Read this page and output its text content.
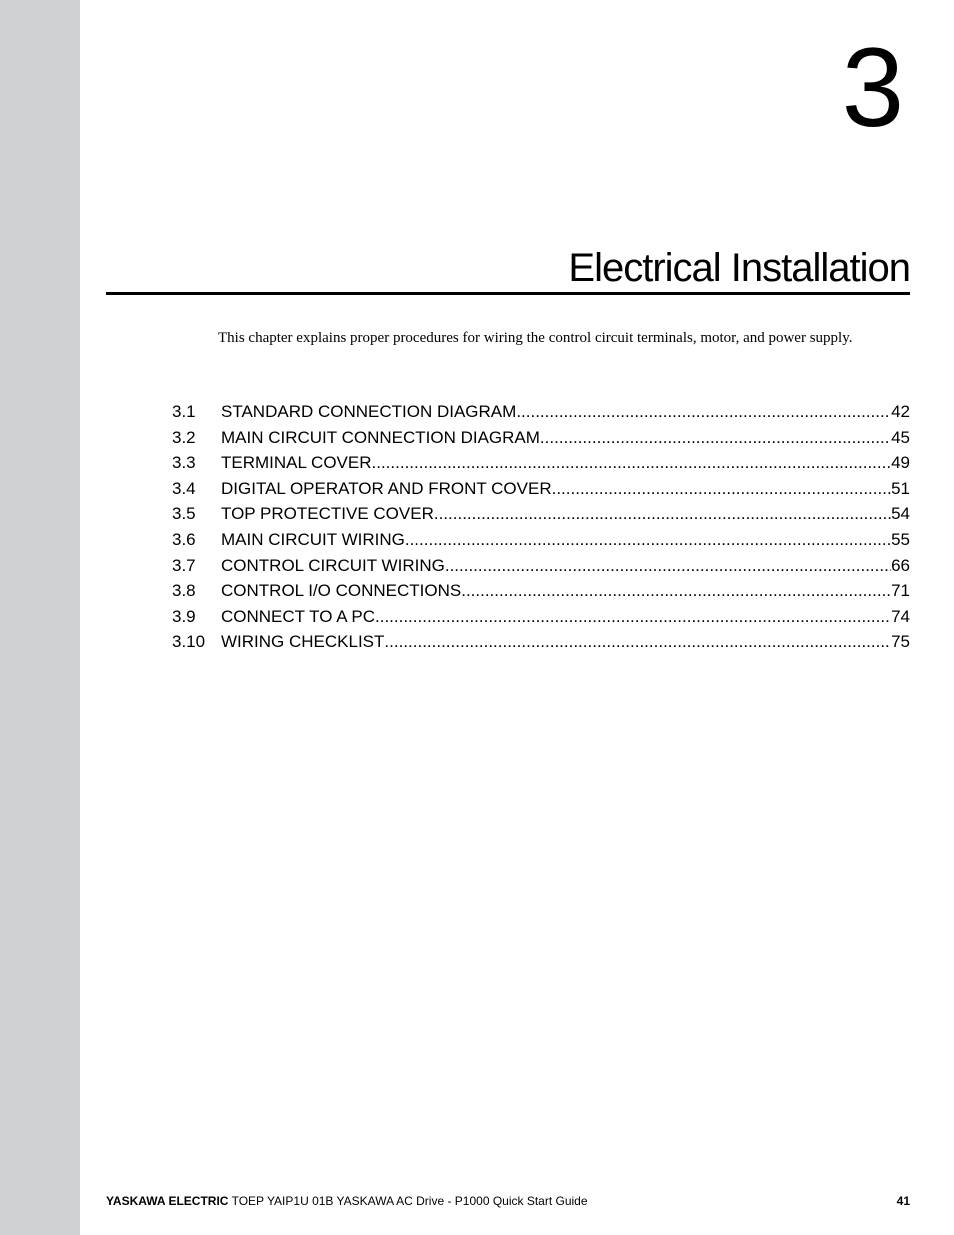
3
Electrical Installation

This chapter explains proper procedures for wiring the control circuit terminals, motor, and power supply.

3.1	STANDARD CONNECTION DIAGRAM .....	42
3.2	MAIN CIRCUIT CONNECTION DIAGRAM .....	45
3.3	TERMINAL COVER .....	49
3.4	DIGITAL OPERATOR AND FRONT COVER .....	51
3.5	TOP PROTECTIVE COVER .....	54
3.6	MAIN CIRCUIT WIRING .....	55
3.7	CONTROL CIRCUIT WIRING .....	66
3.8	CONTROL I/O CONNECTIONS .....	71
3.9	CONNECT TO A PC .....	74
3.10 WIRING CHECKLIST .....	75
YASKAWA ELECTRIC TOEP YAIP1U 01B YASKAWA AC Drive - P1000 Quick Start Guide	41
